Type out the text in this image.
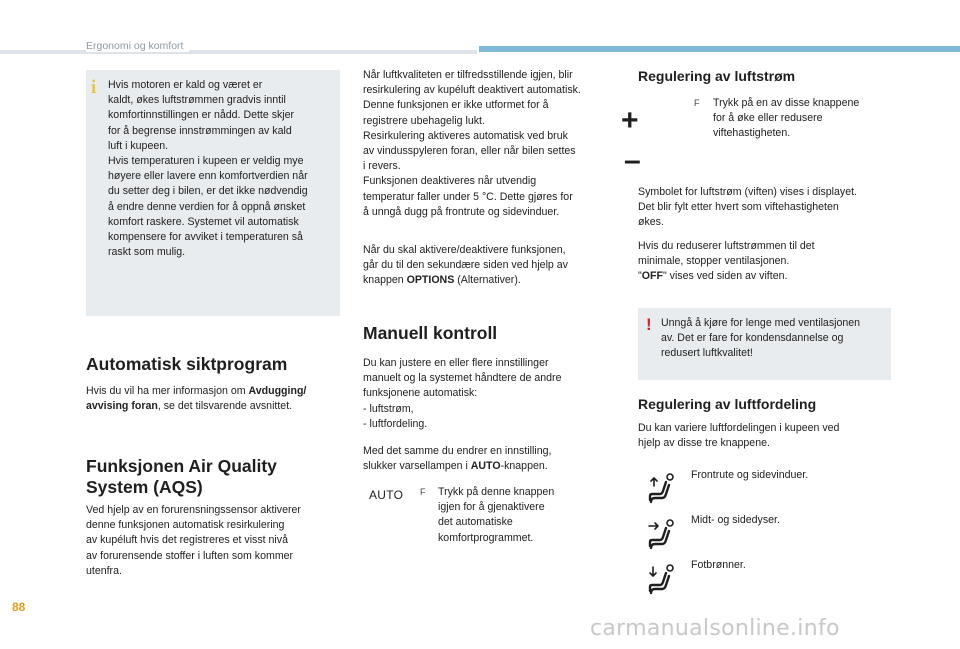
Ergonomi og komfort
i Hvis motoren er kald og været er
kaldt, økes luftstrømmen gradvis inntil
komfortinnstillingen er nådd. Dette skjer
for å begrense innstrømmingen av kald
luft i kupeen.
Hvis temperaturen i kupeen er veldig mye
høyere eller lavere enn komfortverdien når
du setter deg i bilen, er det ikke nødvendig
å endre denne verdien for å oppnå ønsket
komfort raskere. Systemet vil automatisk
kompensere for avviket i temperaturen så
raskt som mulig.

Automatisk siktprogram

Hvis du vil ha mer informasjon om Avdugging/
avvising foran, se det tilsvarende avsnittet.

Funksjonen Air Quality
System (AQS)

Ved hjelp av en forurensningssensor aktiverer
denne funksjonen automatisk resirkulering
av kupéluft hvis det registreres et visst nivå
av forurensende stoffer i luften som kommer
utenfra.

Når luftkvaliteten er tilfredsstillende igjen, blir
resirkulering av kupéluft deaktivert automatisk.
Denne funksjonen er ikke utformet for å
registrere ubehagelig lukt.
Resirkulering aktiveres automatisk ved bruk
av vindusspyleren foran, eller når bilen settes
i revers.
Funksjonen deaktiveres når utvendig
temperatur faller under 5 °C. Dette gjøres for
å unngå dugg på frontrute og sidevinduer.

Når du skal aktivere/deaktivere funksjonen,
går du til den sekundære siden ved hjelp av
knappen OPTIONS (Alternativer).

Manuell kontroll

Du kan justere en eller flere innstillinger
manuelt og la systemet håndtere de andre
funksjonene automatisk:
- luftstrøm,
- luftfordeling.

Med det samme du endrer en innstilling,
slukker varsellampen i AUTO-knappen.

AUTO F Trykk på denne knappen
igjen for å gjenaktivere
det automatiske
komfortprogrammet.

Regulering av luftstrøm
+
–
F Trykk på en av disse knappene
for å øke eller redusere
viftehastigheten.

Symbolet for luftstrøm (viften) vises i displayet.
Det blir fylt etter hvert som viftehastigheten
økes.

Hvis du reduserer luftstrømmen til det
minimale, stopper ventilasjonen.
"OFF" vises ved siden av viften.

! Unngå å kjøre for lenge med ventilasjonen
av. Det er fare for kondensdannelse og
redusert luftkvalitet!

Regulering av luftfordeling

Du kan variere luftfordelingen i kupeen ved
hjelp av disse tre knappene.

Frontrute og sidevinduer.

Midt- og sidedyser.

Fotbrønner.

88
carmanualsonline.info
